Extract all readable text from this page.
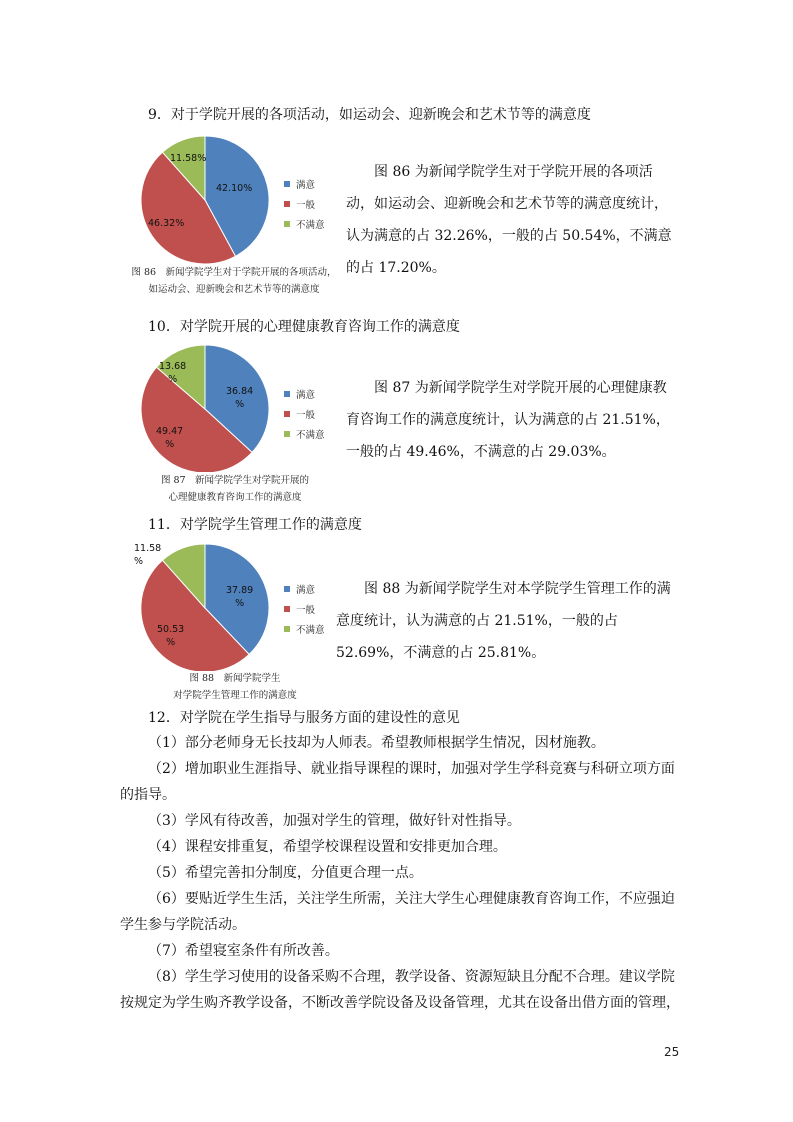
9．对于学院开展的各项活动，如运动会、迎新晚会和艺术节等的满意度
42.10%
46.32%
11.58%
满意
一般
不满意
图 86　新闻学院学生对于学院开展的各项活动，
如运动会、迎新晚会和艺术节等的满意度
图 86 为新闻学院学生对于学院开展的各项活动，如运动会、迎新晚会和艺术节等的满意度统计，认为满意的占 32.26%，一般的占 50.54%，不满意的占 17.20%。
10．对学院开展的心理健康教育咨询工作的满意度
36.84
%
49.47
%
13.68
%
满意
一般
不满意
图 87　新闻学院学生对学院开展的
心理健康教育咨询工作的满意度
图 87 为新闻学院学生对学院开展的心理健康教育咨询工作的满意度统计，认为满意的占 21.51%，一般的占 49.46%，不满意的占 29.03%。
11．对学院学生管理工作的满意度
37.89
%
50.53
%
11.58
%
满意
一般
不满意
图 88　新闻学院学生
对学院学生管理工作的满意度
图 88 为新闻学院学生对本学院学生管理工作的满意度统计，认为满意的占 21.51%，一般的占 52.69%，不满意的占 25.81%。
12．对学院在学生指导与服务方面的建设性的意见
（1）部分老师身无长技却为人师表。希望教师根据学生情况，因材施教。
（2）增加职业生涯指导、就业指导课程的课时，加强对学生学科竞赛与科研立项方面
的指导。
（3）学风有待改善，加强对学生的管理，做好针对性指导。
（4）课程安排重复，希望学校课程设置和安排更加合理。
（5）希望完善扣分制度，分值更合理一点。
（6）要贴近学生生活，关注学生所需，关注大学生心理健康教育咨询工作，不应强迫
学生参与学院活动。
（7）希望寝室条件有所改善。
（8）学生学习使用的设备采购不合理，教学设备、资源短缺且分配不合理。建议学院
按规定为学生购齐教学设备，不断改善学院设备及设备管理，尤其在设备出借方面的管理，
25
